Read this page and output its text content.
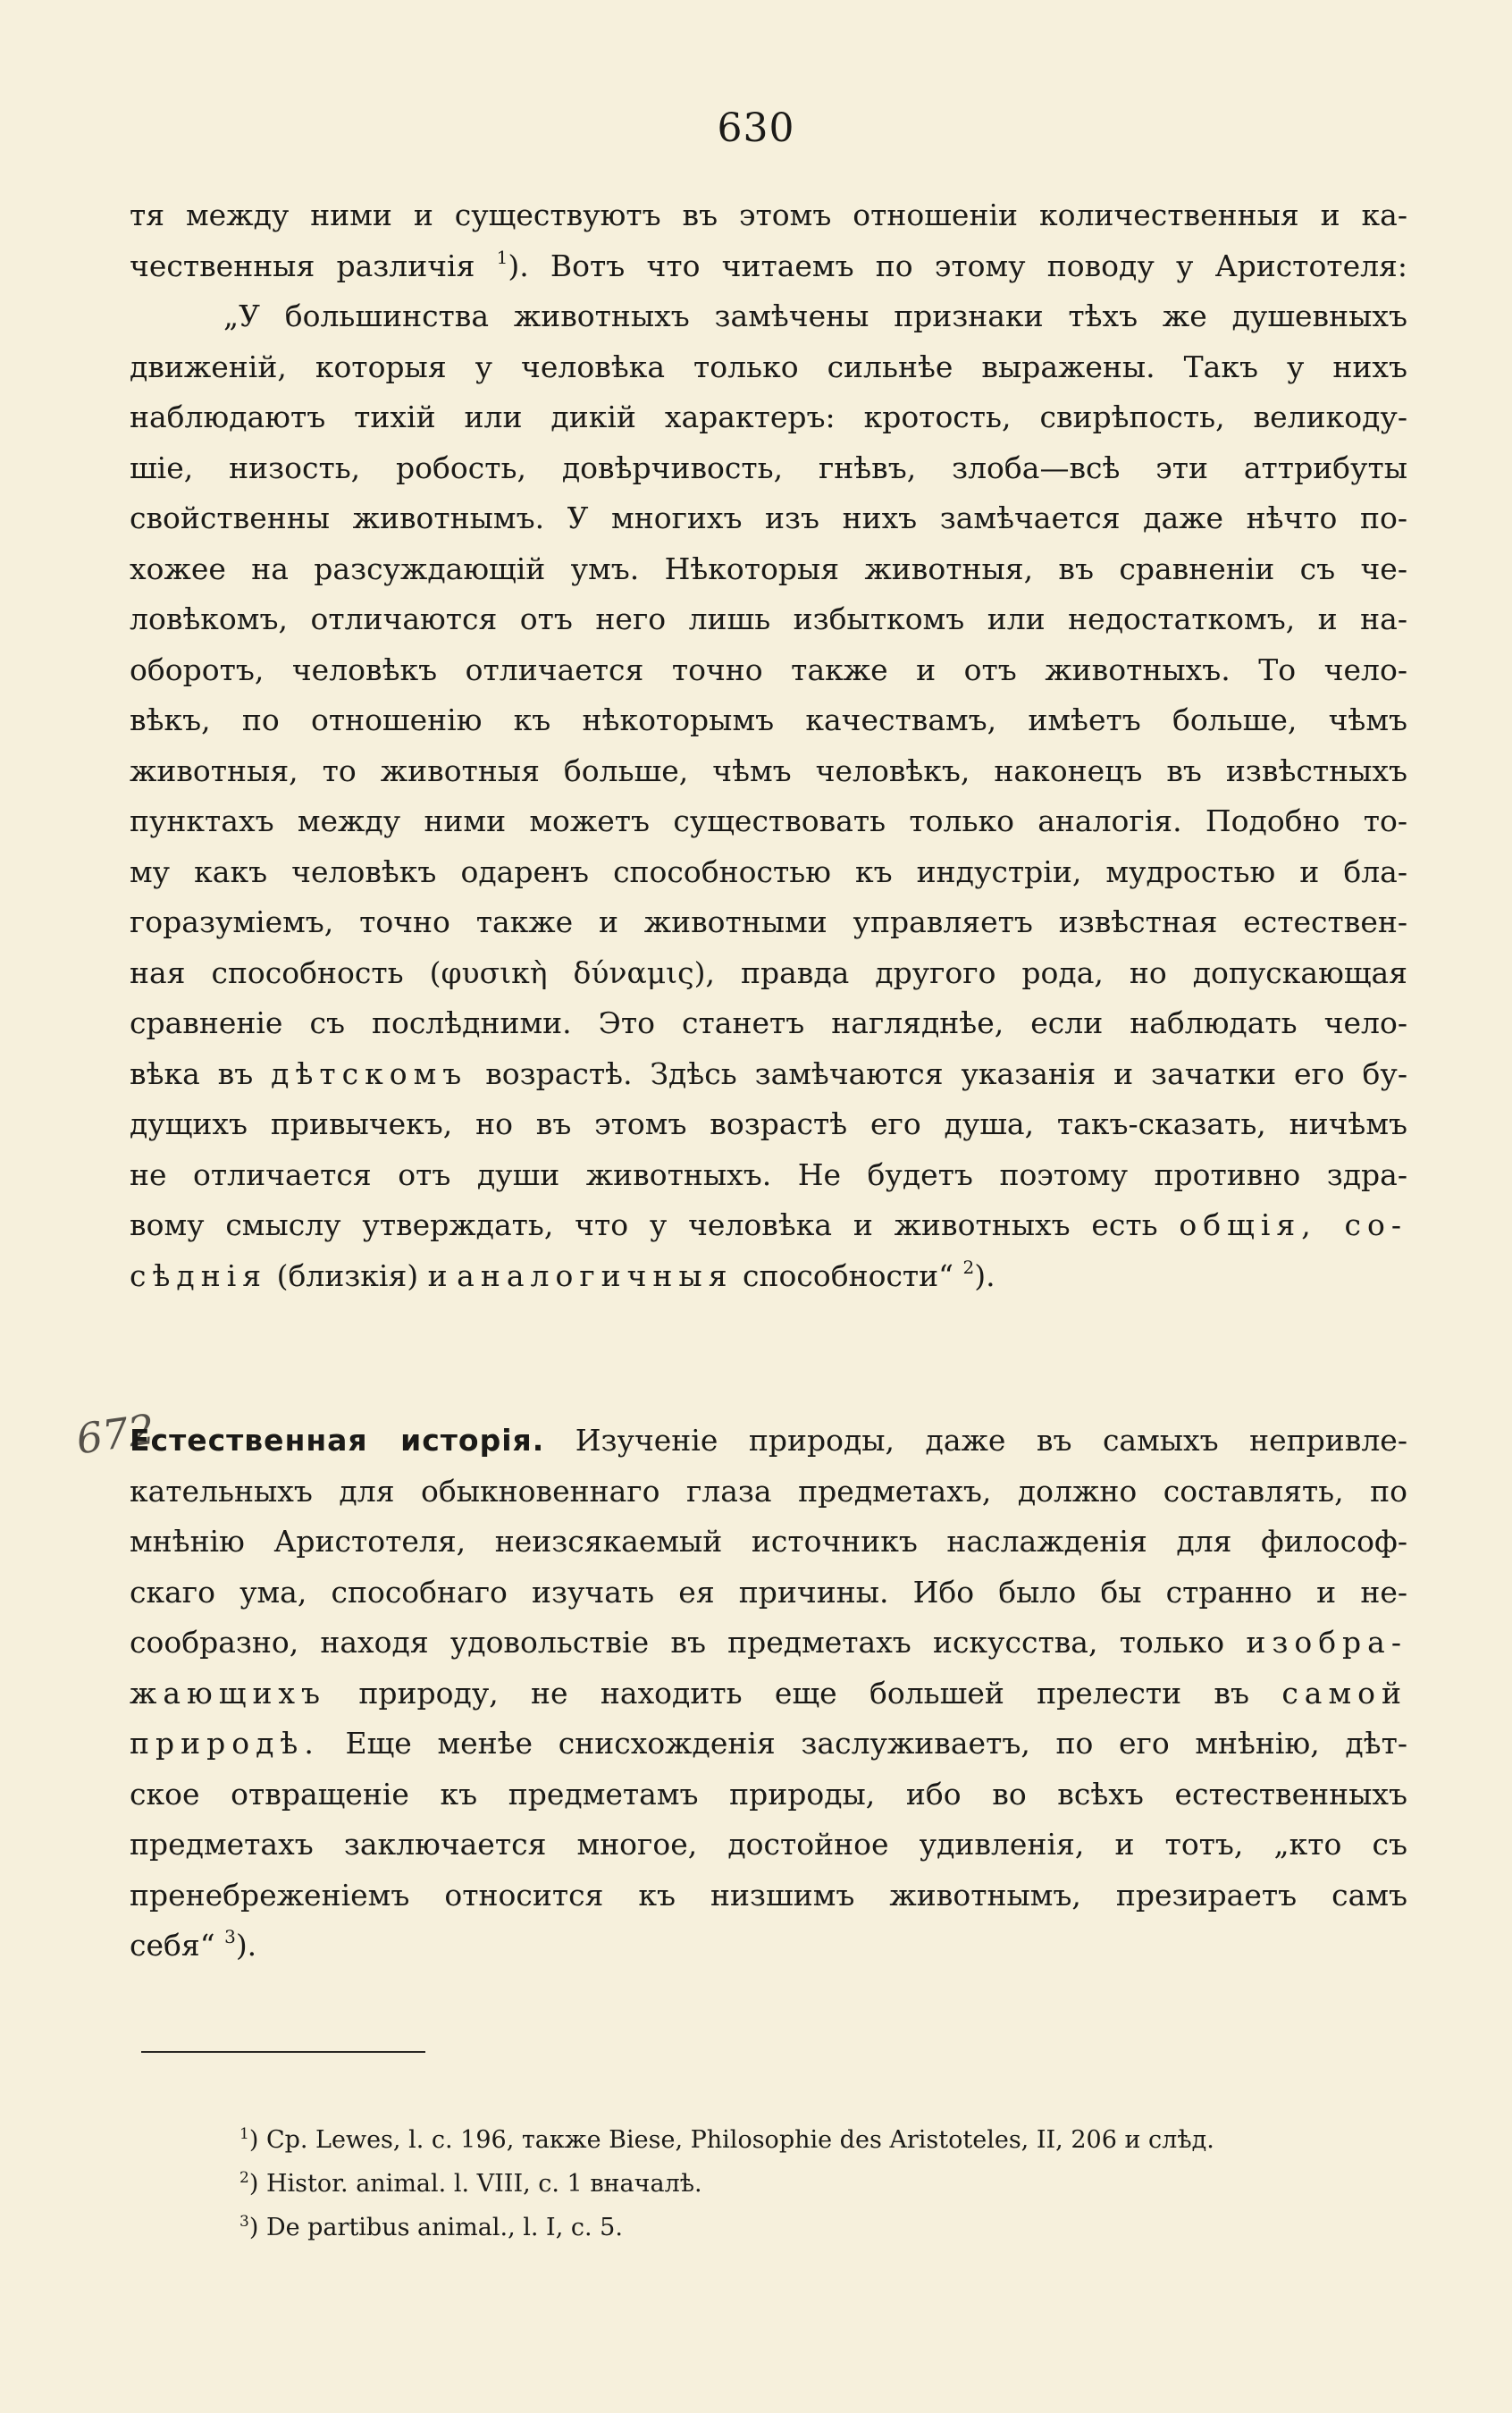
630
672
тя между ними и существуютъ въ этомъ отношеніи количественныя и ка-
чественныя различія $^1$). Вотъ что читаемъ по этому поводу у Аристотеля:
„У большинства животныхъ замѣчены признаки тѣхъ же душевныхъ
движеній, которыя у человѣка только сильнѣе выражены. Такъ у нихъ
наблюдаютъ тихій или дикій характеръ: кротость, свирѣпость, великоду-
шіе, низость, робость, довѣрчивость, гнѣвъ, злоба—всѣ эти аттрибуты
свойственны животнымъ. У многихъ изъ нихъ замѣчается даже нѣчто по-
хожее на разсуждающій умъ. Нѣкоторыя животныя, въ сравненіи съ че-
ловѣкомъ, отличаются отъ него лишь избыткомъ или недостаткомъ, и на-
оборотъ, человѣкъ отличается точно также и отъ животныхъ. То чело-
вѣкъ, по отношенію къ нѣкоторымъ качествамъ, имѣетъ больше, чѣмъ
животныя, то животныя больше, чѣмъ человѣкъ, наконецъ въ извѣстныхъ
пунктахъ между ними можетъ существовать только аналогія. Подобно то-
му какъ человѣкъ одаренъ способностью къ индустріи, мудростью и бла-
горазуміемъ, точно также и животными управляетъ извѣстная естествен-
ная способность (φυσικὴ δύναμις), правда другого рода, но допускающая
сравненіе съ послѣдними. Это станетъ нагляднѣе, если наблюдать чело-
вѣка въ дѣтскомъ возрастѣ. Здѣсь замѣчаются указанія и зачатки его бу-
дущихъ привычекъ, но въ этомъ возрастѣ его душа, такъ-сказать, ничѣмъ
не отличается отъ души животныхъ. Не будетъ поэтому противно здра-
вому смыслу утверждать, что у человѣка и животныхъ есть общія, со-
сѣднія (близкія) и аналогичныя способности“ $^2$).
Естественная исторія. Изученіе природы, даже въ самыхъ непривле-
кательныхъ для обыкновеннаго глаза предметахъ, должно составлять, по
мнѣнію Аристотеля, неизсякаемый источникъ наслажденія для философ-
скаго ума, способнаго изучать ея причины. Ибо было бы странно и не-
сообразно, находя удовольствіе въ предметахъ искусства, только изобра-
жающихъ природу, не находить еще большей прелести въ самой
природѣ. Еще менѣе снисхожденія заслуживаетъ, по его мнѣнію, дѣт-
ское отвращеніе къ предметамъ природы, ибо во всѣхъ естественныхъ
предметахъ заключается многое, достойное удивленія, и тотъ, „кто съ
пренебреженіемъ относится къ низшимъ животнымъ, презираетъ самъ
себя“ $^3$).
$^1$) Ср. Lewes, l. c. 196, также Biese, Philosophie des Aristoteles, II, 206 и слѣд.
$^2$) Histor. animal. l. VIII, c. 1 вначалѣ.
$^3$) De partibus animal., l. I, c. 5.
